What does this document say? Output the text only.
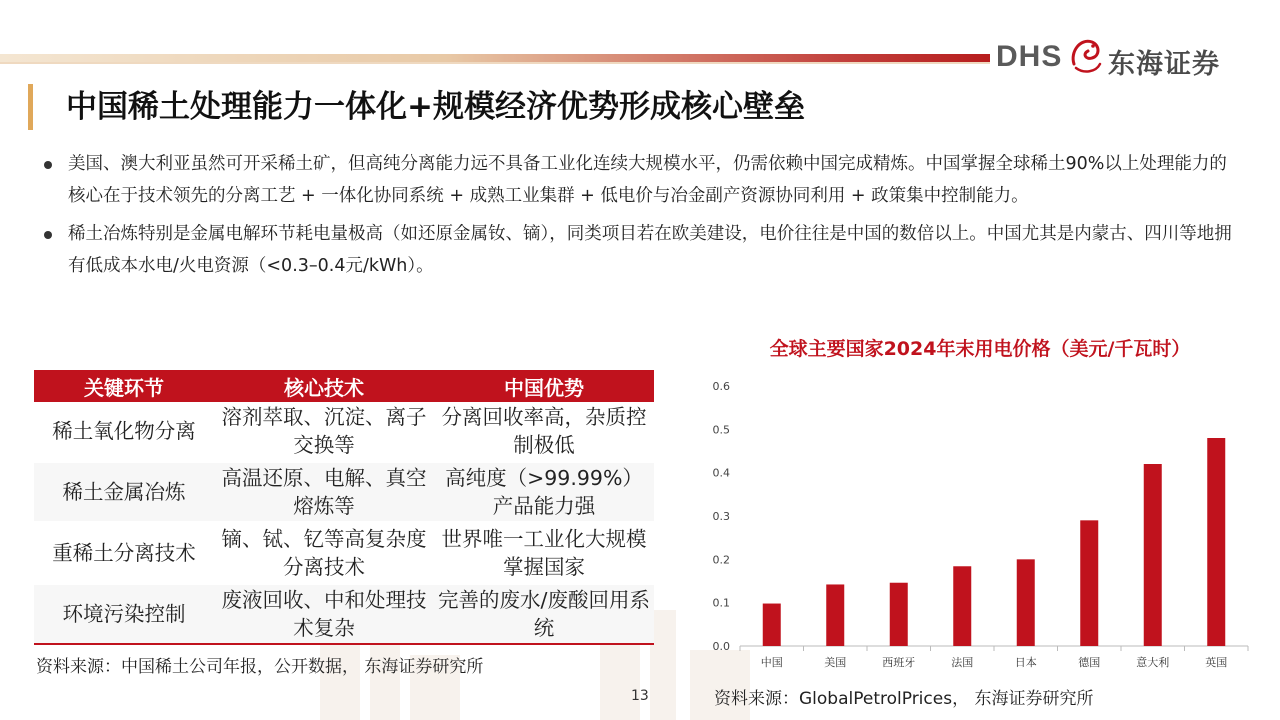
DHS 东海证券
中国稀土处理能力一体化+规模经济优势形成核心壁垒
美国、澳大利亚虽然可开采稀土矿，但高纯分离能力远不具备工业化连续大规模水平，仍需依赖中国完成精炼。中国掌握全球稀土90%以上处理能力的核心在于技术领先的分离工艺 + 一体化协同系统 + 成熟工业集群 + 低电价与冶金副产资源协同利用 + 政策集中控制能力。
稀土冶炼特别是金属电解环节耗电量极高（如还原金属钕、镝），同类项目若在欧美建设，电价往往是中国的数倍以上。中国尤其是内蒙古、四川等地拥有低成本水电/火电资源（<0.3–0.4元/kWh）。
关键环节	核心技术	中国优势
稀土氧化物分离	溶剂萃取、沉淀、离子交换等	分离回收率高，杂质控制极低
稀土金属冶炼	高温还原、电解、真空熔炼等	高纯度（>99.99%）产品能力强
重稀土分离技术	镝、铽、钇等高复杂度分离技术	世界唯一工业化大规模掌握国家
环境污染控制	废液回收、中和处理技术复杂	完善的废水/废酸回用系统
资料来源：中国稀土公司年报，公开数据， 东海证券研究所
全球主要国家2024年末用电价格（美元/千瓦时）
0.0
0.1
0.2
0.3
0.4
0.5
0.6
中国	美国	西班牙	法国	日本	德国	意大利	英国
13	资料来源：GlobalPetrolPrices， 东海证券研究所
